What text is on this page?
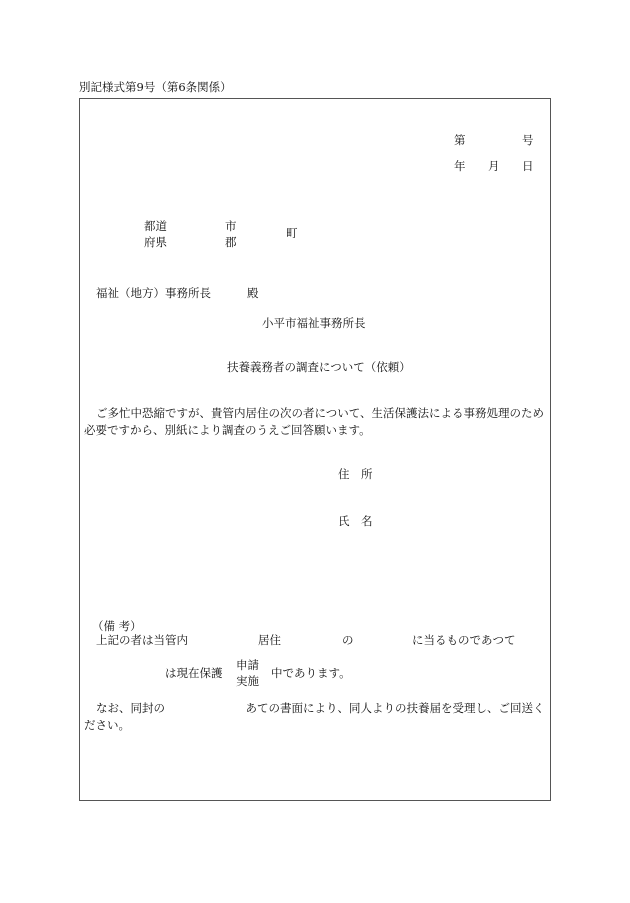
別記様式第9号（第6条関係）
第	号
年 月 日
都道
府県
市
郡
町
福祉（地方）事務所長	殿
小平市福祉事務所長
扶養義務者の調査について（依頼）
ご多忙中恐縮ですが、貴管内居住の次の者について、生活保護法による事務処理のため必要ですから、別紙により調査のうえご回答願います。
住　所
氏　名
（備 考）
上記の者は当管内	居住	の	に当るものであつて
は現在保護
申請
実施
中であります。
なお、同封の　　　　　　　あての書面により、同人よりの扶養届を受理し、ご回送ください。
